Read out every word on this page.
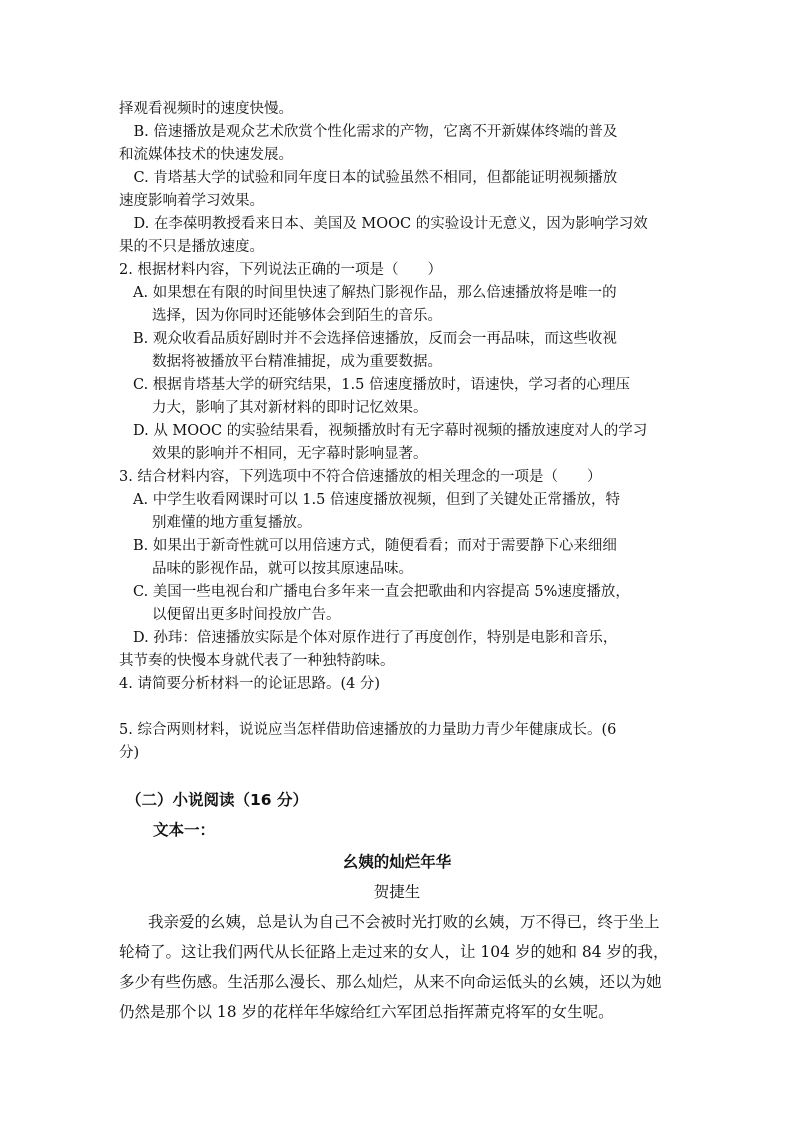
择观看视频时的速度快慢。
　B. 倍速播放是观众艺术欣赏个性化需求的产物，它离不开新媒体终端的普及
和流媒体技术的快速发展。
　C. 肯塔基大学的试验和同年度日本的试验虽然不相同，但都能证明视频播放
速度影响着学习效果。
　D. 在李葆明教授看来日本、美国及 MOOC 的实验设计无意义，因为影响学习效
果的不只是播放速度。
2. 根据材料内容，下列说法正确的一项是（　　）
A. 如果想在有限的时间里快速了解热门影视作品，那么倍速播放将是唯一的
选择，因为你同时还能够体会到陌生的音乐。
B. 观众收看品质好剧时并不会选择倍速播放，反而会一再品味，而这些收视
数据将被播放平台精准捕捉，成为重要数据。
C. 根据肯塔基大学的研究结果，1.5 倍速度播放时，语速快，学习者的心理压
力大，影响了其对新材料的即时记忆效果。
D. 从 MOOC 的实验结果看，视频播放时有无字幕时视频的播放速度对人的学习
效果的影响并不相同，无字幕时影响显著。
3. 结合材料内容，下列选项中不符合倍速播放的相关理念的一项是（　　）
A. 中学生收看网课时可以 1.5 倍速度播放视频，但到了关键处正常播放，特
别难懂的地方重复播放。
B. 如果出于新奇性就可以用倍速方式，随便看看；而对于需要静下心来细细
品味的影视作品，就可以按其原速品味。
C. 美国一些电视台和广播电台多年来一直会把歌曲和内容提高 5%速度播放，
以便留出更多时间投放广告。
D. 孙玮：倍速播放实际是个体对原作进行了再度创作，特别是电影和音乐，
其节奏的快慢本身就代表了一种独特韵味。
4. 请简要分析材料一的论证思路。(4 分)
5. 综合两则材料，说说应当怎样借助倍速播放的力量助力青少年健康成长。(6
分)
（二）小说阅读（16 分）
文本一：
幺姨的灿烂年华
贺捷生
我亲爱的幺姨，总是认为自己不会被时光打败的幺姨，万不得已，终于坐上
轮椅了。这让我们两代从长征路上走过来的女人，让 104 岁的她和 84 岁的我，
多少有些伤感。生活那么漫长、那么灿烂，从来不向命运低头的幺姨，还以为她
仍然是那个以 18 岁的花样年华嫁给红六军团总指挥萧克将军的女生呢。
